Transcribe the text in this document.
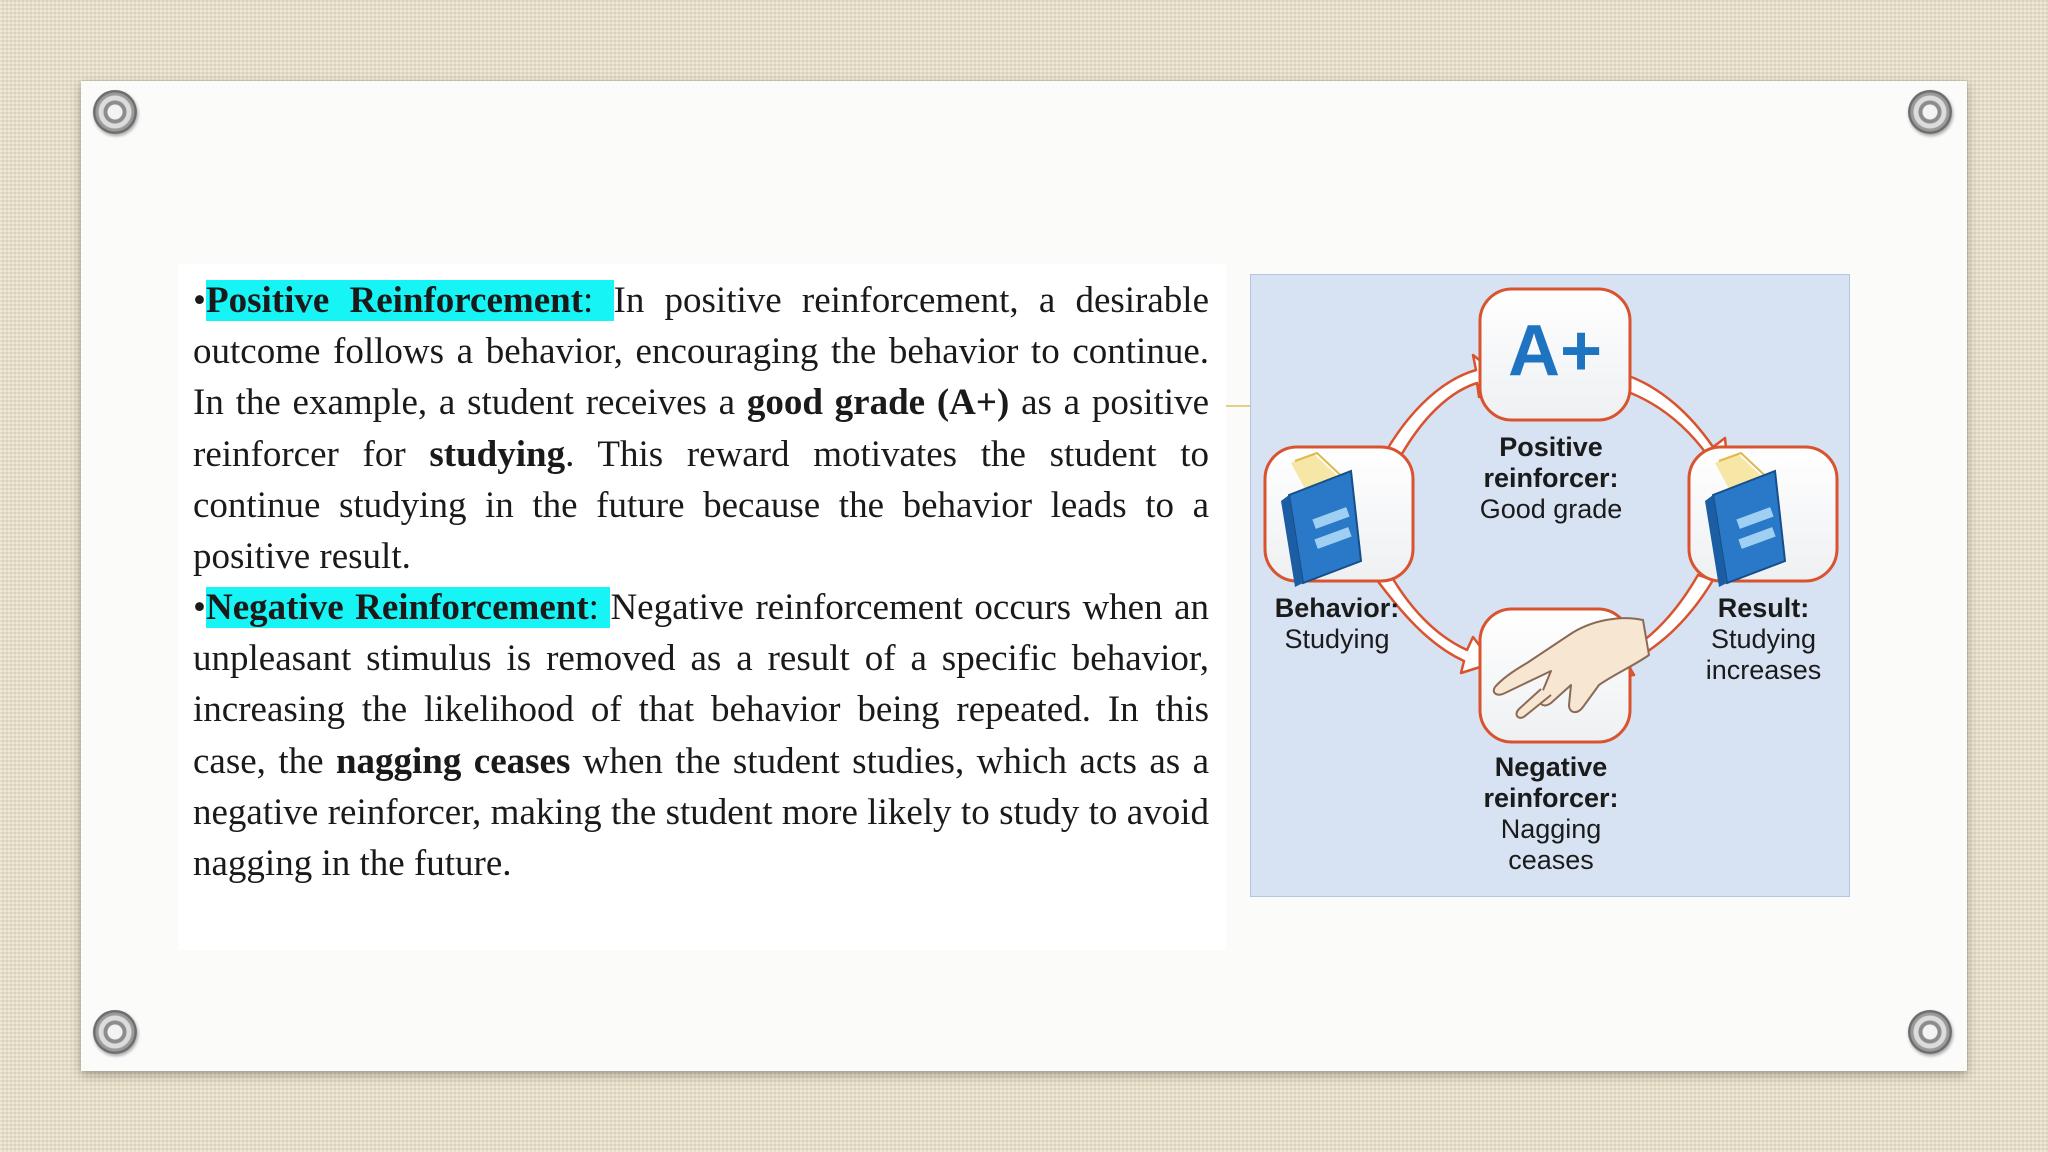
•Positive Reinforcement: In positive reinforcement, a desirable outcome follows a behavior, encouraging the behavior to continue. In the example, a student receives a good grade (A+) as a positive reinforcer for studying. This reward motivates the student to continue studying in the future because the behavior leads to a positive result.

•Negative Reinforcement: Negative reinforcement occurs when an unpleasant stimulus is removed as a result of a specific behavior, increasing the likelihood of that behavior being repeated. In this case, the nagging ceases when the student studies, which acts as a negative reinforcer, making the student more likely to study to avoid nagging in the future.

A+
Positive reinforcer:
Good grade
Behavior:
Studying
Result:
Studying increases
Negative reinforcer:
Nagging ceases
